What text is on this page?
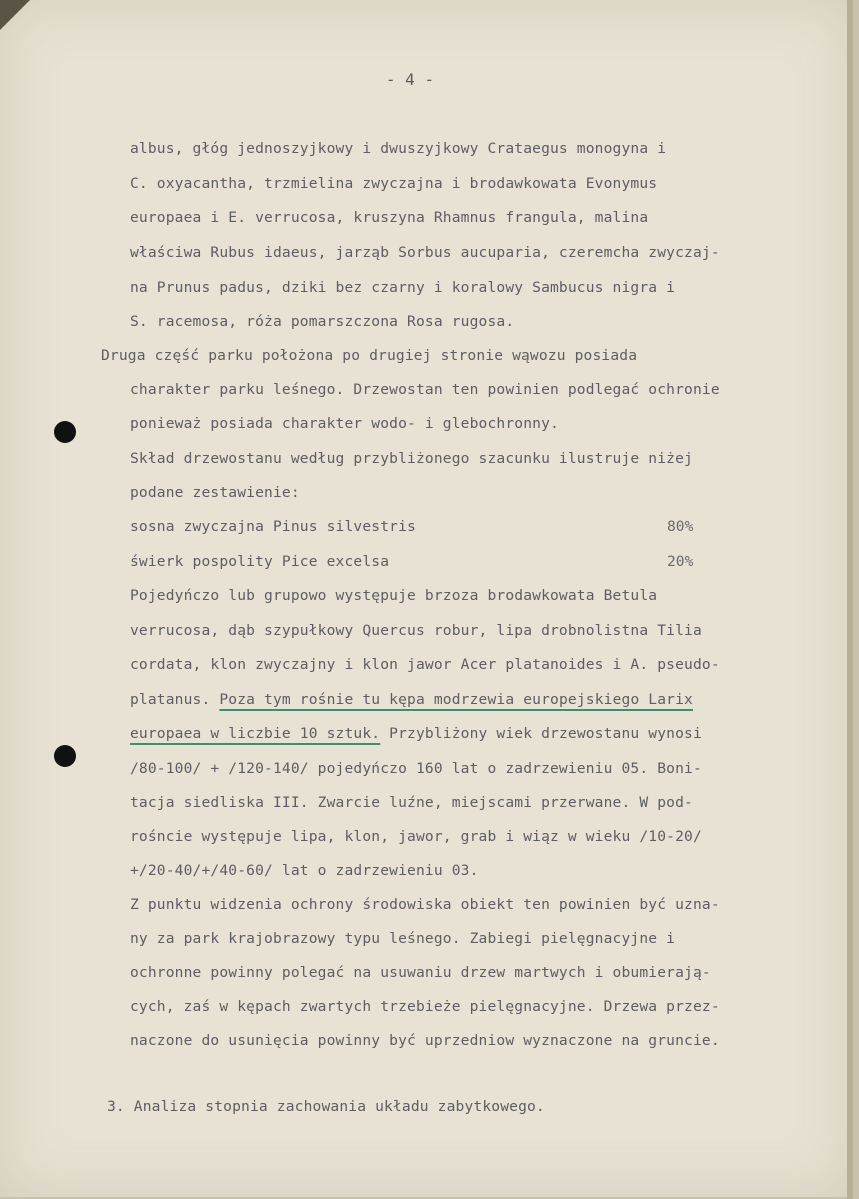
- 4 -
albus, głóg jednoszyjkowy i dwuszyjkowy Crataegus monogyna i
C. oxyacantha, trzmielina zwyczajna i brodawkowata Evonymus
europaea i E. verrucosa, kruszyna Rhamnus frangula, malina
właściwa Rubus idaeus, jarząb Sorbus aucuparia, czeremcha zwyczaj-
na Prunus padus, dziki bez czarny i koralowy Sambucus nigra i
S. racemosa, róża pomarszczona Rosa rugosa.
Druga część parku położona po drugiej stronie wąwozu posiada
charakter parku leśnego. Drzewostan ten powinien podlegać ochronie
ponieważ posiada charakter wodo- i glebochronny.
Skład drzewostanu według przybliżonego szacunku ilustruje niżej
podane zestawienie:
sosna zwyczajna Pinus silvestris	80%
świerk pospolity Pice excelsa	20%
Pojedyńczo lub grupowo występuje brzoza brodawkowata Betula
verrucosa, dąb szypułkowy Quercus robur, lipa drobnolistna Tilia
cordata, klon zwyczajny i klon jawor Acer platanoides i A. pseudo-
platanus. Poza tym rośnie tu kępa modrzewia europejskiego Larix
europaea w liczbie 10 sztuk. Przybliżony wiek drzewostanu wynosi
/80-100/ + /120-140/ pojedyńczo 160 lat o zadrzewieniu 05. Boni-
tacja siedliska III. Zwarcie luźne, miejscami przerwane. W pod-
rośncie występuje lipa, klon, jawor, grab i wiąz w wieku /10-20/
+/20-40/+/40-60/ lat o zadrzewieniu 03.
Z punktu widzenia ochrony środowiska obiekt ten powinien być uzna-
ny za park krajobrazowy typu leśnego. Zabiegi pielęgnacyjne i
ochronne powinny polegać na usuwaniu drzew martwych i obumierają-
cych, zaś w kępach zwartych trzebieże pielęgnacyjne. Drzewa przez-
naczone do usunięcia powinny być uprzedniow wyznaczone na gruncie.
3. Analiza stopnia zachowania układu zabytkowego.
